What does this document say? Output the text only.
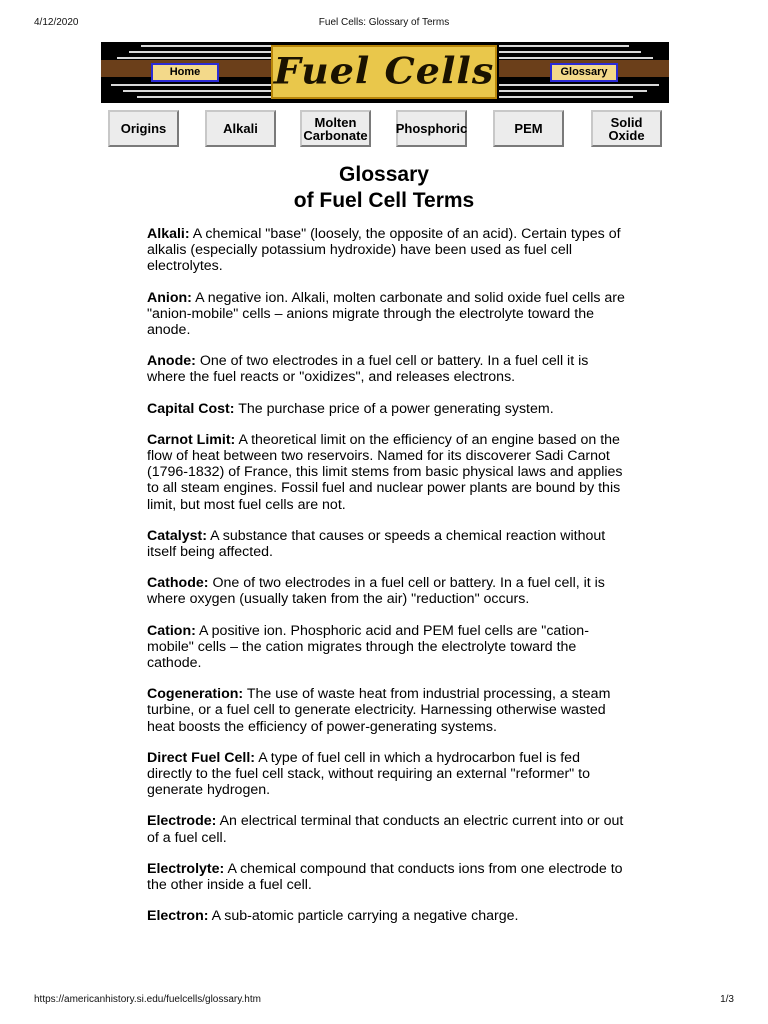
4/12/2020	Fuel Cells: Glossary of Terms
Home	Fuel Cells	Glossary
Origins	Alkali	Molten
Carbonate Phosphoric	PEM	Solid
Oxide
Glossary
of Fuel Cell Terms

Alkali: A chemical "base" (loosely, the opposite of an acid). Certain types of alkalis (especially potassium hydroxide) have been used as fuel cell electrolytes.

Anion: A negative ion. Alkali, molten carbonate and solid oxide fuel cells are "anion-mobile" cells – anions migrate through the electrolyte toward the anode.

Anode: One of two electrodes in a fuel cell or battery. In a fuel cell it is where the fuel reacts or "oxidizes", and releases electrons.

Capital Cost: The purchase price of a power generating system.

Carnot Limit: A theoretical limit on the efficiency of an engine based on the flow of heat between two reservoirs. Named for its discoverer Sadi Carnot (1796-1832) of France, this limit stems from basic physical laws and applies to all steam engines. Fossil fuel and nuclear power plants are bound by this limit, but most fuel cells are not.

Catalyst: A substance that causes or speeds a chemical reaction without itself being affected.

Cathode: One of two electrodes in a fuel cell or battery. In a fuel cell, it is where oxygen (usually taken from the air) "reduction" occurs.

Cation: A positive ion. Phosphoric acid and PEM fuel cells are "cation-mobile" cells – the cation migrates through the electrolyte toward the cathode.

Cogeneration: The use of waste heat from industrial processing, a steam turbine, or a fuel cell to generate electricity. Harnessing otherwise wasted heat boosts the efficiency of power-generating systems.

Direct Fuel Cell: A type of fuel cell in which a hydrocarbon fuel is fed directly to the fuel cell stack, without requiring an external "reformer" to generate hydrogen.

Electrode: An electrical terminal that conducts an electric current into or out of a fuel cell.

Electrolyte: A chemical compound that conducts ions from one electrode to the other inside a fuel cell.

Electron: A sub-atomic particle carrying a negative charge.

https://americanhistory.si.edu/fuelcells/glossary.htm	1/3
